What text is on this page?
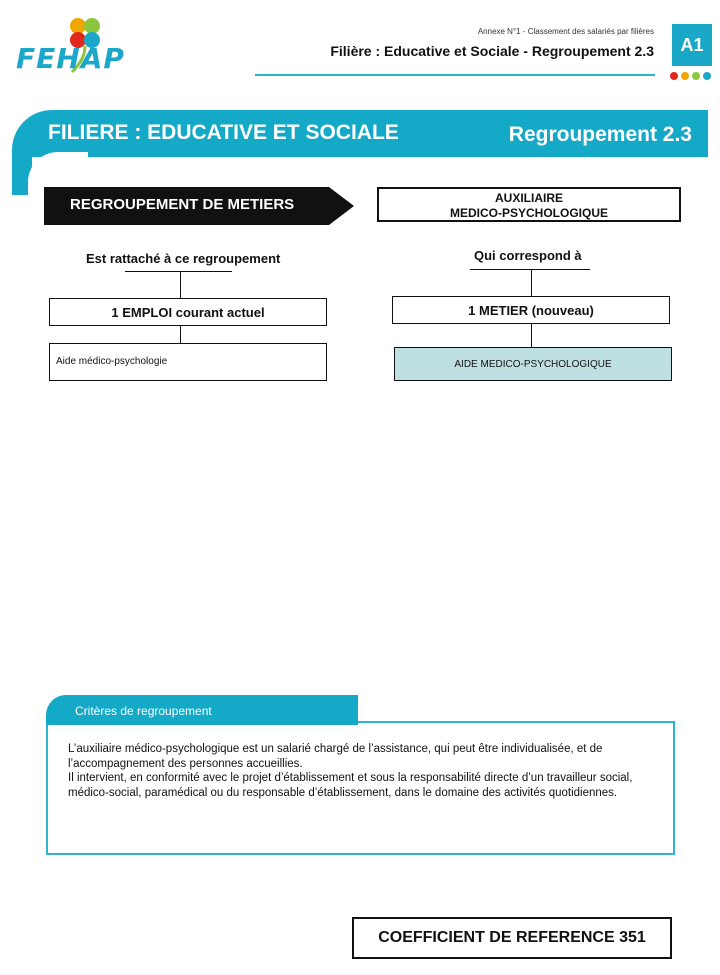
FEHAP
Annexe N°1 - Classement des salariés par filières
Filière : Educative et Sociale - Regroupement 2.3	A1
FILIERE : EDUCATIVE ET SOCIALE	Regroupement 2.3
REGROUPEMENT DE METIERS	AUXILIAIRE
MEDICO-PSYCHOLOGIQUE
Est rattaché à ce regroupement
1 EMPLOI courant actuel
Aide médico-psychologie
Qui correspond à
1 METIER (nouveau)
AIDE MEDICO-PSYCHOLOGIQUE
Critères de regroupement
L’auxiliaire médico-psychologique est un salarié chargé de l’assistance, qui peut être individualisée, et de l’accompagnement des personnes accueillies.
Il intervient, en conformité avec le projet d’établissement et sous la responsabilité directe d’un travailleur social, médico-social, paramédical ou du responsable d’établissement, dans le domaine des activités quotidiennes.
COEFFICIENT DE REFERENCE 351
